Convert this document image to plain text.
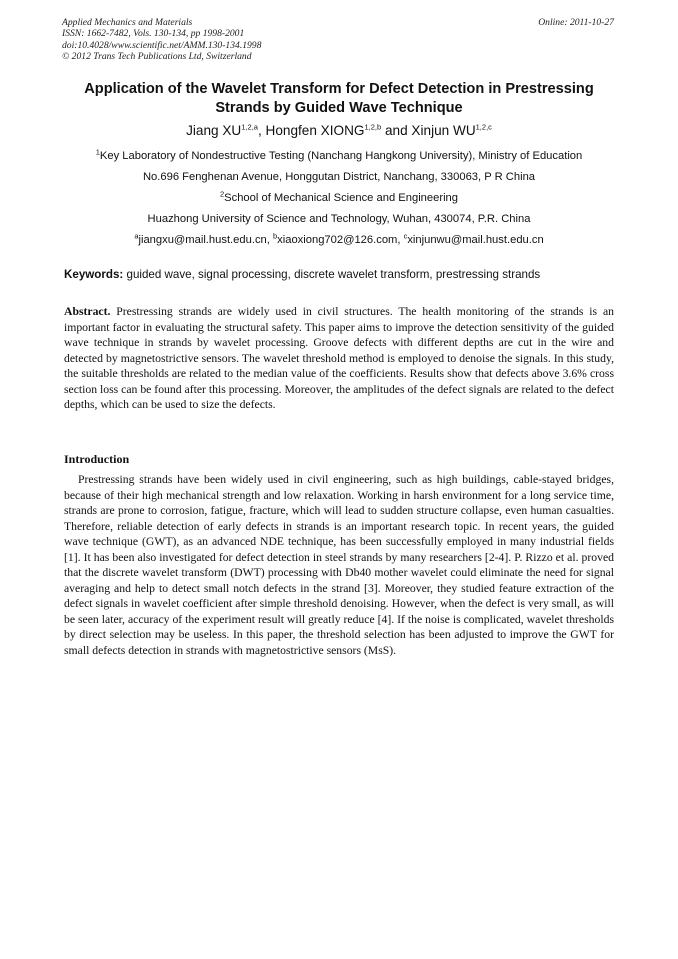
Applied Mechanics and Materials
ISSN: 1662-7482, Vols. 130-134, pp 1998-2001
doi:10.4028/www.scientific.net/AMM.130-134.1998
© 2012 Trans Tech Publications Ltd, Switzerland
Online: 2011-10-27
Application of the Wavelet Transform for Defect Detection in Prestressing Strands by Guided Wave Technique
Jiang XU$^{1,2,a}$, Hongfen XIONG$^{1,2,b}$ and Xinjun WU$^{1,2,c}$
$^1$Key Laboratory of Nondestructive Testing (Nanchang Hangkong University), Ministry of Education
No.696 Fenghenan Avenue, Honggutan District, Nanchang, 330063, P R China
$^2$School of Mechanical Science and Engineering
Huazhong University of Science and Technology, Wuhan, 430074, P.R. China
$^a$jiangxu@mail.hust.edu.cn, $^b$xiaoxiong702@126.com, $^c$xinjunwu@mail.hust.edu.cn
Keywords: guided wave, signal processing, discrete wavelet transform, prestressing strands
Abstract. Prestressing strands are widely used in civil structures. The health monitoring of the strands is an important factor in evaluating the structural safety. This paper aims to improve the detection sensitivity of the guided wave technique in strands by wavelet processing. Groove defects with different depths are cut in the wire and detected by magnetostrictive sensors. The wavelet threshold method is employed to denoise the signals. In this study, the suitable thresholds are related to the median value of the coefficients. Results show that defects above 3.6% cross section loss can be found after this processing. Moreover, the amplitudes of the defect signals are related to the defect depths, which can be used to size the defects.
Introduction
Prestressing strands have been widely used in civil engineering, such as high buildings, cable-stayed bridges, because of their high mechanical strength and low relaxation. Working in harsh environment for a long service time, strands are prone to corrosion, fatigue, fracture, which will lead to sudden structure collapse, even human casualties. Therefore, reliable detection of early defects in strands is an important research topic. In recent years, the guided wave technique (GWT), as an advanced NDE technique, has been successfully employed in many industrial fields [1]. It has been also investigated for defect detection in steel strands by many researchers [2-4]. P. Rizzo et al. proved that the discrete wavelet transform (DWT) processing with Db40 mother wavelet could eliminate the need for signal averaging and help to detect small notch defects in the strand [3]. Moreover, they studied feature extraction of the defect signals in wavelet coefficient after simple threshold denoising. However, when the defect is very small, as will be seen later, accuracy of the experiment result will greatly reduce [4]. If the noise is complicated, wavelet thresholds by direct selection may be useless. In this paper, the threshold selection has been adjusted to improve the GWT for small defects detection in strands with magnetostrictive sensors (MsS).
